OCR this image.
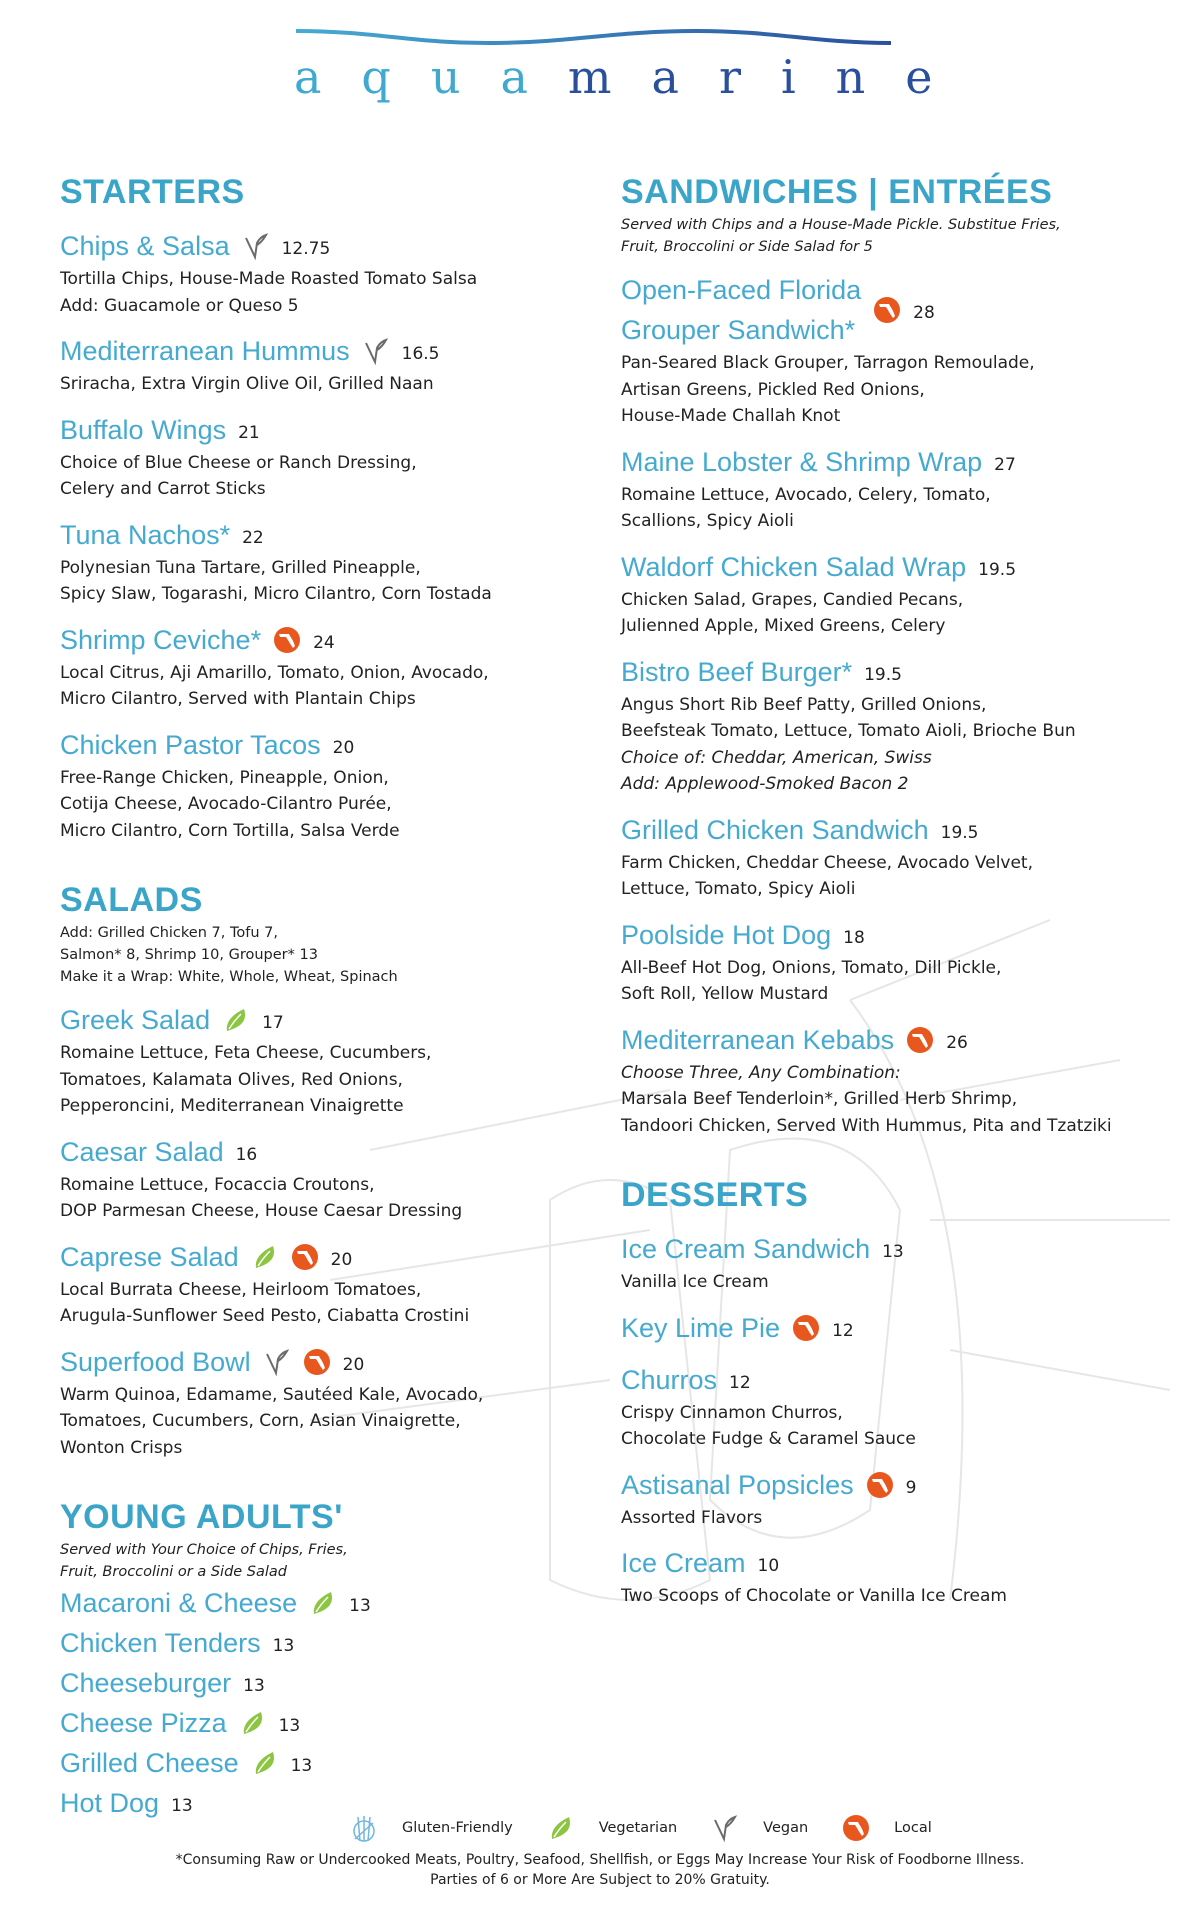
aquamarine
STARTERS
Chips & Salsa	12.75
Tortilla Chips, House-Made Roasted Tomato Salsa
Add: Guacamole or Queso 5
Mediterranean Hummus	16.5
Sriracha, Extra Virgin Olive Oil, Grilled Naan
Buffalo Wings 21
Choice of Blue Cheese or Ranch Dressing,
Celery and Carrot Sticks
Tuna Nachos* 22
Polynesian Tuna Tartare, Grilled Pineapple,
Spicy Slaw, Togarashi, Micro Cilantro, Corn Tostada
Shrimp Ceviche*	24
Local Citrus, Aji Amarillo, Tomato, Onion, Avocado,
Micro Cilantro, Served with Plantain Chips
Chicken Pastor Tacos 20
Free-Range Chicken, Pineapple, Onion,
Cotija Cheese, Avocado-Cilantro Purée,
Micro Cilantro, Corn Tortilla, Salsa Verde
SALADS
Add: Grilled Chicken 7, Tofu 7,
Salmon* 8, Shrimp 10, Grouper* 13
Make it a Wrap: White, Whole, Wheat, Spinach
Greek Salad	17
Romaine Lettuce, Feta Cheese, Cucumbers,
Tomatoes, Kalamata Olives, Red Onions,
Pepperoncini, Mediterranean Vinaigrette
Caesar Salad 16
Romaine Lettuce, Focaccia Croutons,
DOP Parmesan Cheese, House Caesar Dressing
Caprese Salad	20
Local Burrata Cheese, Heirloom Tomatoes,
Arugula-Sunflower Seed Pesto, Ciabatta Crostini
Superfood Bowl	20
Warm Quinoa, Edamame, Sautéed Kale, Avocado,
Tomatoes, Cucumbers, Corn, Asian Vinaigrette,
Wonton Crisps
YOUNG ADULTS'
Served with Your Choice of Chips, Fries,
Fruit, Broccolini or a Side Salad
Macaroni & Cheese	13
Chicken Tenders 13
Cheeseburger 13
Cheese Pizza	13
Grilled Cheese	13
Hot Dog 13
SANDWICHES | ENTRÉES
Served with Chips and a House-Made Pickle. Substitue Fries,
Fruit, Broccolini or Side Salad for 5
Open-Faced Florida
Grouper Sandwich*
28
Pan-Seared Black Grouper, Tarragon Remoulade,
Artisan Greens, Pickled Red Onions,
House-Made Challah Knot
Maine Lobster & Shrimp Wrap 27
Romaine Lettuce, Avocado, Celery, Tomato,
Scallions, Spicy Aioli
Waldorf Chicken Salad Wrap 19.5
Chicken Salad, Grapes, Candied Pecans,
Julienned Apple, Mixed Greens, Celery
Bistro Beef Burger* 19.5
Angus Short Rib Beef Patty, Grilled Onions,
Beefsteak Tomato, Lettuce, Tomato Aioli, Brioche Bun
Choice of: Cheddar, American, Swiss
Add: Applewood-Smoked Bacon 2
Grilled Chicken Sandwich 19.5
Farm Chicken, Cheddar Cheese, Avocado Velvet,
Lettuce, Tomato, Spicy Aioli
Poolside Hot Dog 18
All-Beef Hot Dog, Onions, Tomato, Dill Pickle,
Soft Roll, Yellow Mustard
Mediterranean Kebabs	26
Choose Three, Any Combination:
Marsala Beef Tenderloin*, Grilled Herb Shrimp,
Tandoori Chicken, Served With Hummus, Pita and Tzatziki
DESSERTS
Ice Cream Sandwich 13
Vanilla Ice Cream
Key Lime Pie	12
Churros 12
Crispy Cinnamon Churros,
Chocolate Fudge & Caramel Sauce
Astisanal Popsicles	9
Assorted Flavors
Ice Cream 10
Two Scoops of Chocolate or Vanilla Ice Cream
Gluten-Friendly	Vegetarian	Vegan	Local
*Consuming Raw or Undercooked Meats, Poultry, Seafood, Shellfish, or Eggs May Increase Your Risk of Foodborne Illness.
Parties of 6 or More Are Subject to 20% Gratuity.
